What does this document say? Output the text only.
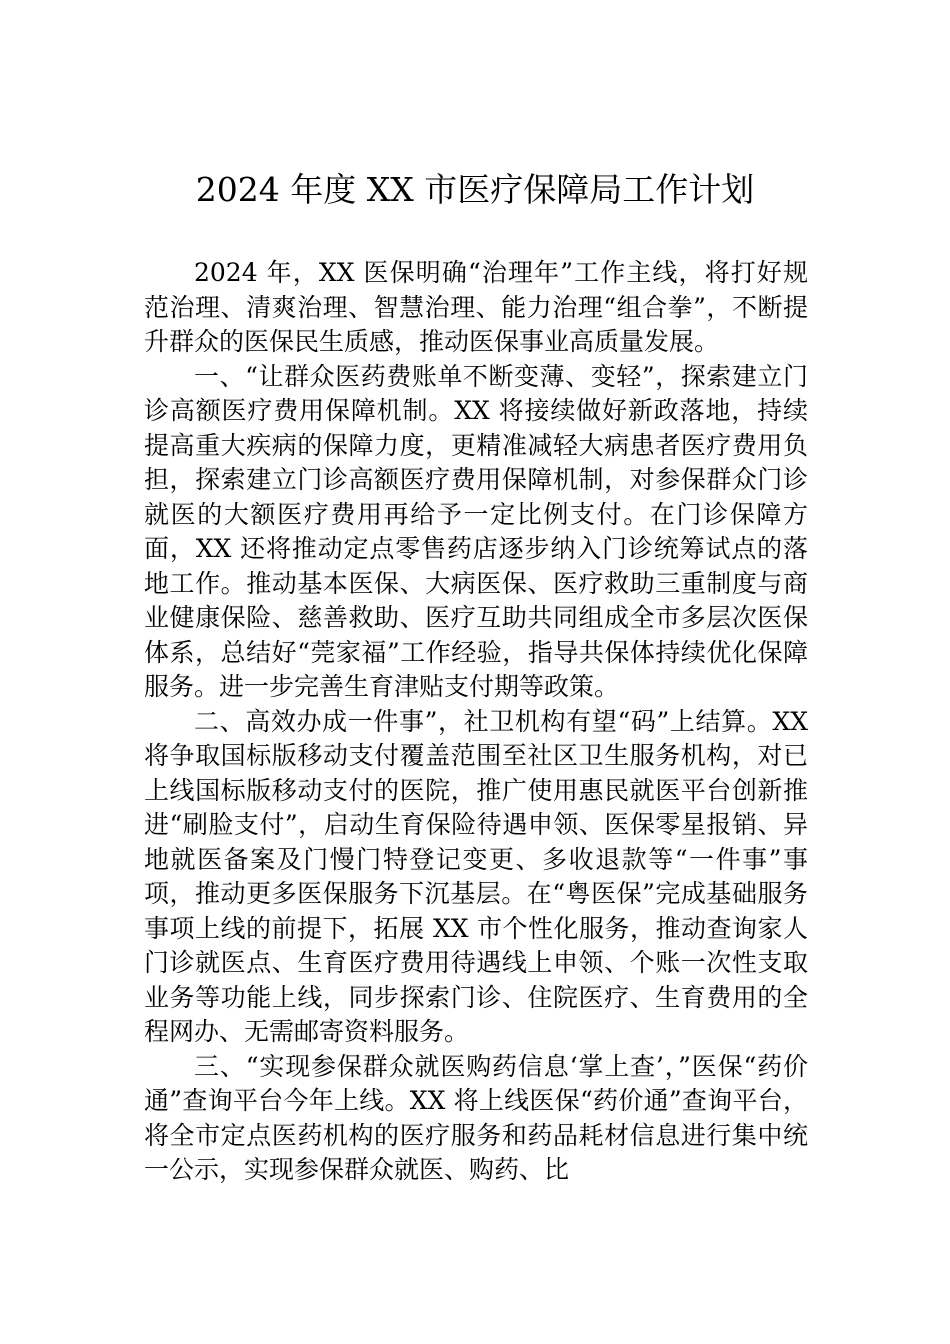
2024 年度 XX 市医疗保障局工作计划

2024 年，XX 医保明确“治理年”工作主线，将打好规范治理、清爽治理、智慧治理、能力治理“组合拳”，不断提升群众的医保民生质感，推动医保事业高质量发展。

一、“让群众医药费账单不断变薄、变轻”，探索建立门诊高额医疗费用保障机制。XX 将接续做好新政落地，持续提高重大疾病的保障力度，更精准减轻大病患者医疗费用负担，探索建立门诊高额医疗费用保障机制，对参保群众门诊就医的大额医疗费用再给予一定比例支付。在门诊保障方面，XX 还将推动定点零售药店逐步纳入门诊统筹试点的落地工作。推动基本医保、大病医保、医疗救助三重制度与商业健康保险、慈善救助、医疗互助共同组成全市多层次医保体系，总结好“莞家福”工作经验，指导共保体持续优化保障服务。进一步完善生育津贴支付期等政策。

二、高效办成一件事”，社卫机构有望“码”上结算。XX 将争取国标版移动支付覆盖范围至社区卫生服务机构，对已上线国标版移动支付的医院，推广使用惠民就医平台创新推进“刷脸支付”，启动生育保险待遇申领、医保零星报销、异地就医备案及门慢门特登记变更、多收退款等“一件事”事项，推动更多医保服务下沉基层。在“粤医保”完成基础服务事项上线的前提下，拓展 XX 市个性化服务，推动查询家人门诊就医点、生育医疗费用待遇线上申领、个账一次性支取业务等功能上线，同步探索门诊、住院医疗、生育费用的全程网办、无需邮寄资料服务。

三、“实现参保群众就医购药信息‘掌上查’，”医保“药价通”查询平台今年上线。XX 将上线医保“药价通”查询平台，将全市定点医药机构的医疗服务和药品耗材信息进行集中统一公示，实现参保群众就医、购药、比
